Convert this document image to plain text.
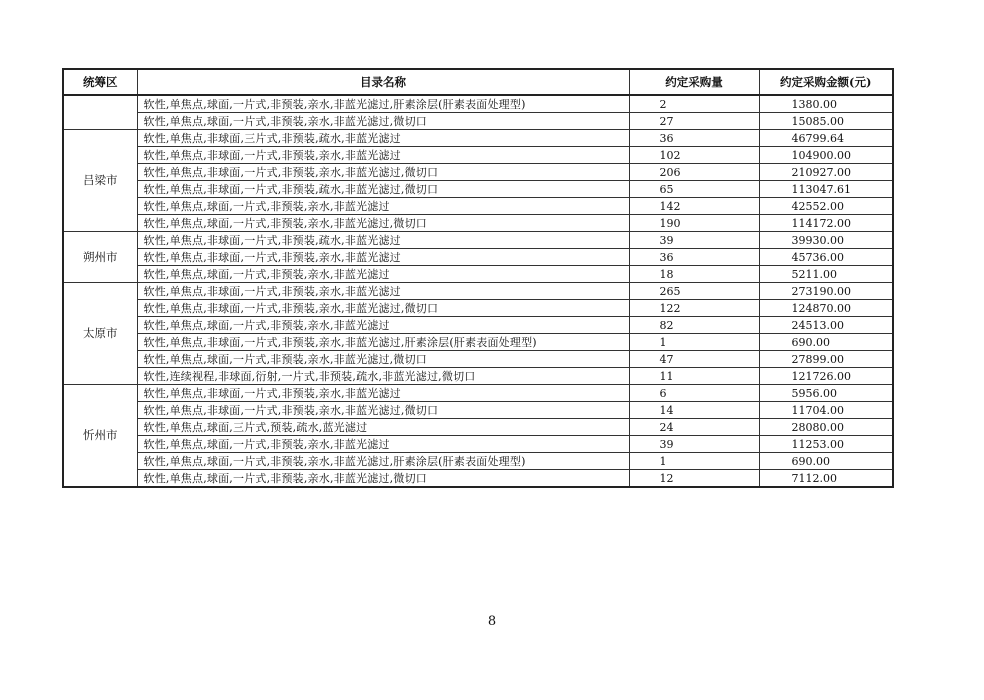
统筹区	目录名称	约定采购量	约定采购金额(元)
	软性,单焦点,球面,一片式,非预装,亲水,非蓝光滤过,肝素涂层(肝素表面处理型)	2	1380.00
	软性,单焦点,球面,一片式,非预装,亲水,非蓝光滤过,微切口	27	15085.00
吕梁市	软性,单焦点,非球面,三片式,非预装,疏水,非蓝光滤过	36	46799.64
	软性,单焦点,非球面,一片式,非预装,亲水,非蓝光滤过	102	104900.00
	软性,单焦点,非球面,一片式,非预装,亲水,非蓝光滤过,微切口	206	210927.00
	软性,单焦点,非球面,一片式,非预装,疏水,非蓝光滤过,微切口	65	113047.61
	软性,单焦点,球面,一片式,非预装,亲水,非蓝光滤过	142	42552.00
	软性,单焦点,球面,一片式,非预装,亲水,非蓝光滤过,微切口	190	114172.00
朔州市	软性,单焦点,非球面,一片式,非预装,疏水,非蓝光滤过	39	39930.00
	软性,单焦点,非球面,一片式,非预装,亲水,非蓝光滤过	36	45736.00
	软性,单焦点,球面,一片式,非预装,亲水,非蓝光滤过	18	5211.00
太原市	软性,单焦点,非球面,一片式,非预装,亲水,非蓝光滤过	265	273190.00
	软性,单焦点,非球面,一片式,非预装,亲水,非蓝光滤过,微切口	122	124870.00
	软性,单焦点,球面,一片式,非预装,亲水,非蓝光滤过	82	24513.00
	软性,单焦点,非球面,一片式,非预装,亲水,非蓝光滤过,肝素涂层(肝素表面处理型)	1	690.00
	软性,单焦点,球面,一片式,非预装,亲水,非蓝光滤过,微切口	47	27899.00
	软性,连续视程,非球面,衍射,一片式,非预装,疏水,非蓝光滤过,微切口	11	121726.00
忻州市	软性,单焦点,非球面,一片式,非预装,亲水,非蓝光滤过	6	5956.00
	软性,单焦点,非球面,一片式,非预装,亲水,非蓝光滤过,微切口	14	11704.00
	软性,单焦点,球面,三片式,预装,疏水,蓝光滤过	24	28080.00
	软性,单焦点,球面,一片式,非预装,亲水,非蓝光滤过	39	11253.00
	软性,单焦点,球面,一片式,非预装,亲水,非蓝光滤过,肝素涂层(肝素表面处理型)	1	690.00
	软性,单焦点,球面,一片式,非预装,亲水,非蓝光滤过,微切口	12	7112.00
8
